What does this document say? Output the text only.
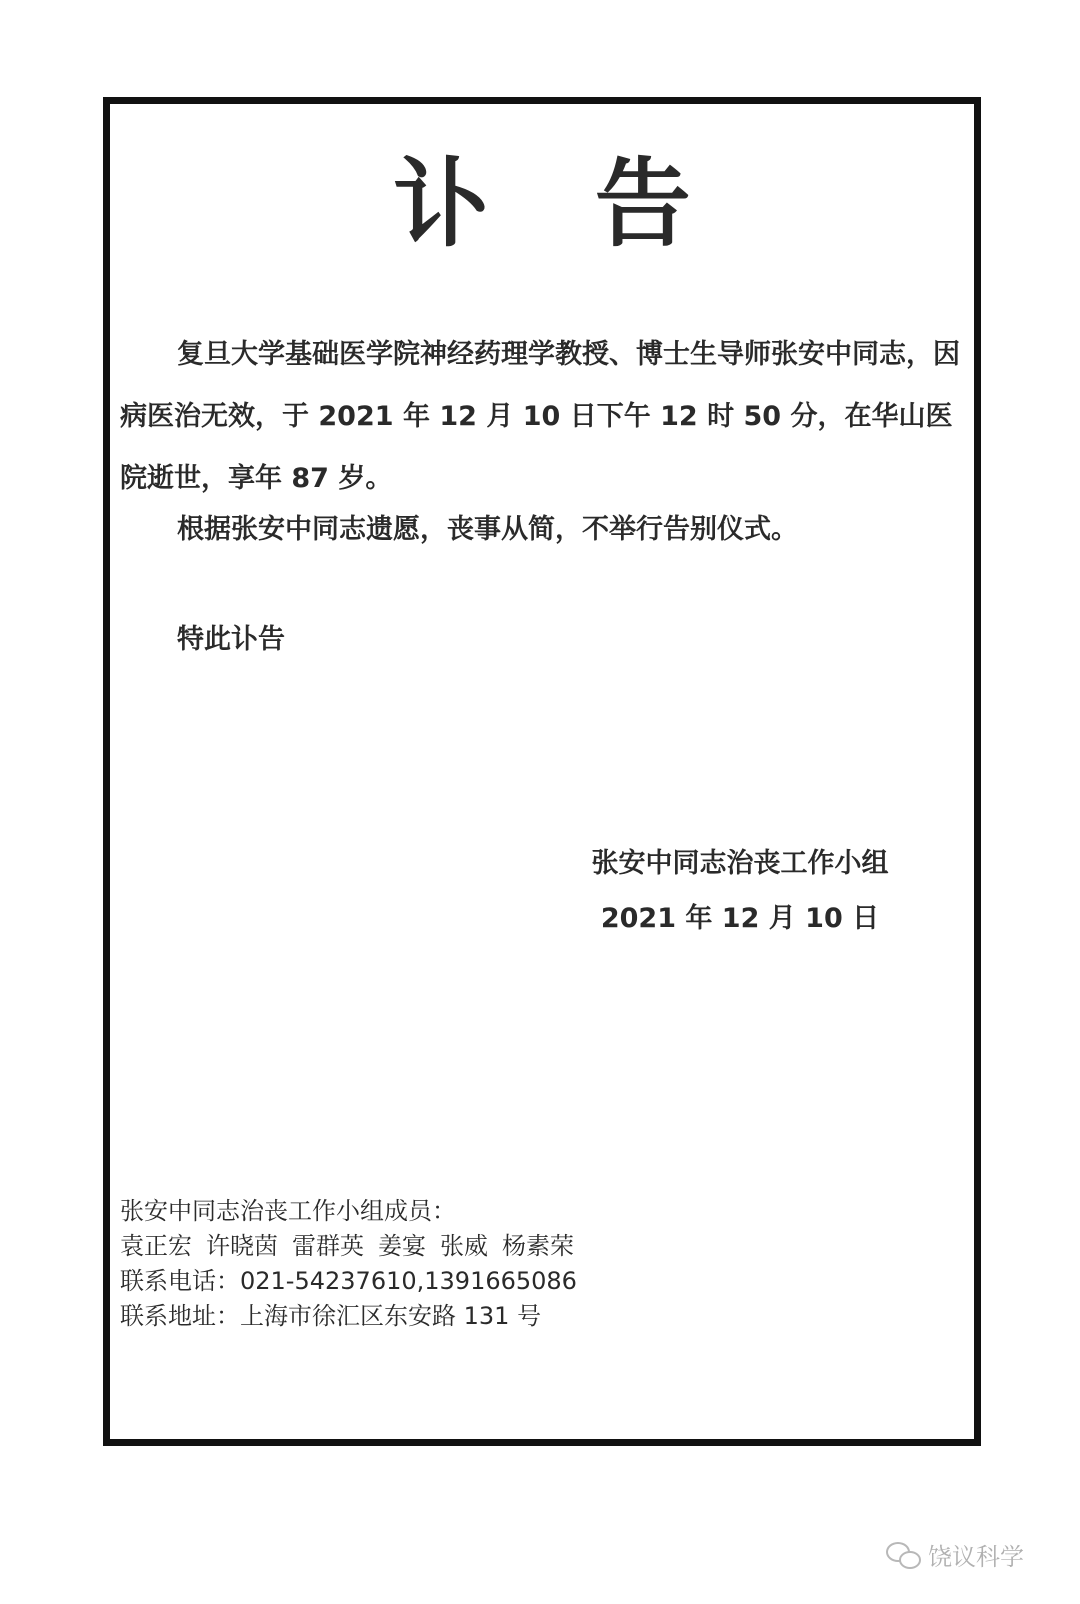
讣 告
复旦大学基础医学院神经药理学教授、博士生导师张安中同志，因病医治无效，于 2021 年 12 月 10 日下午 12 时 50 分，在华山医院逝世，享年 87 岁。
根据张安中同志遗愿，丧事从简，不举行告别仪式。
特此讣告
张安中同志治丧工作小组
2021 年 12 月 10 日
张安中同志治丧工作小组成员：
袁正宏 许晓茵 雷群英 姜宴 张威 杨素荣
联系电话：021-54237610,13916650​86
联系地址：上海市徐汇区东安路 131 号
饶议科学
